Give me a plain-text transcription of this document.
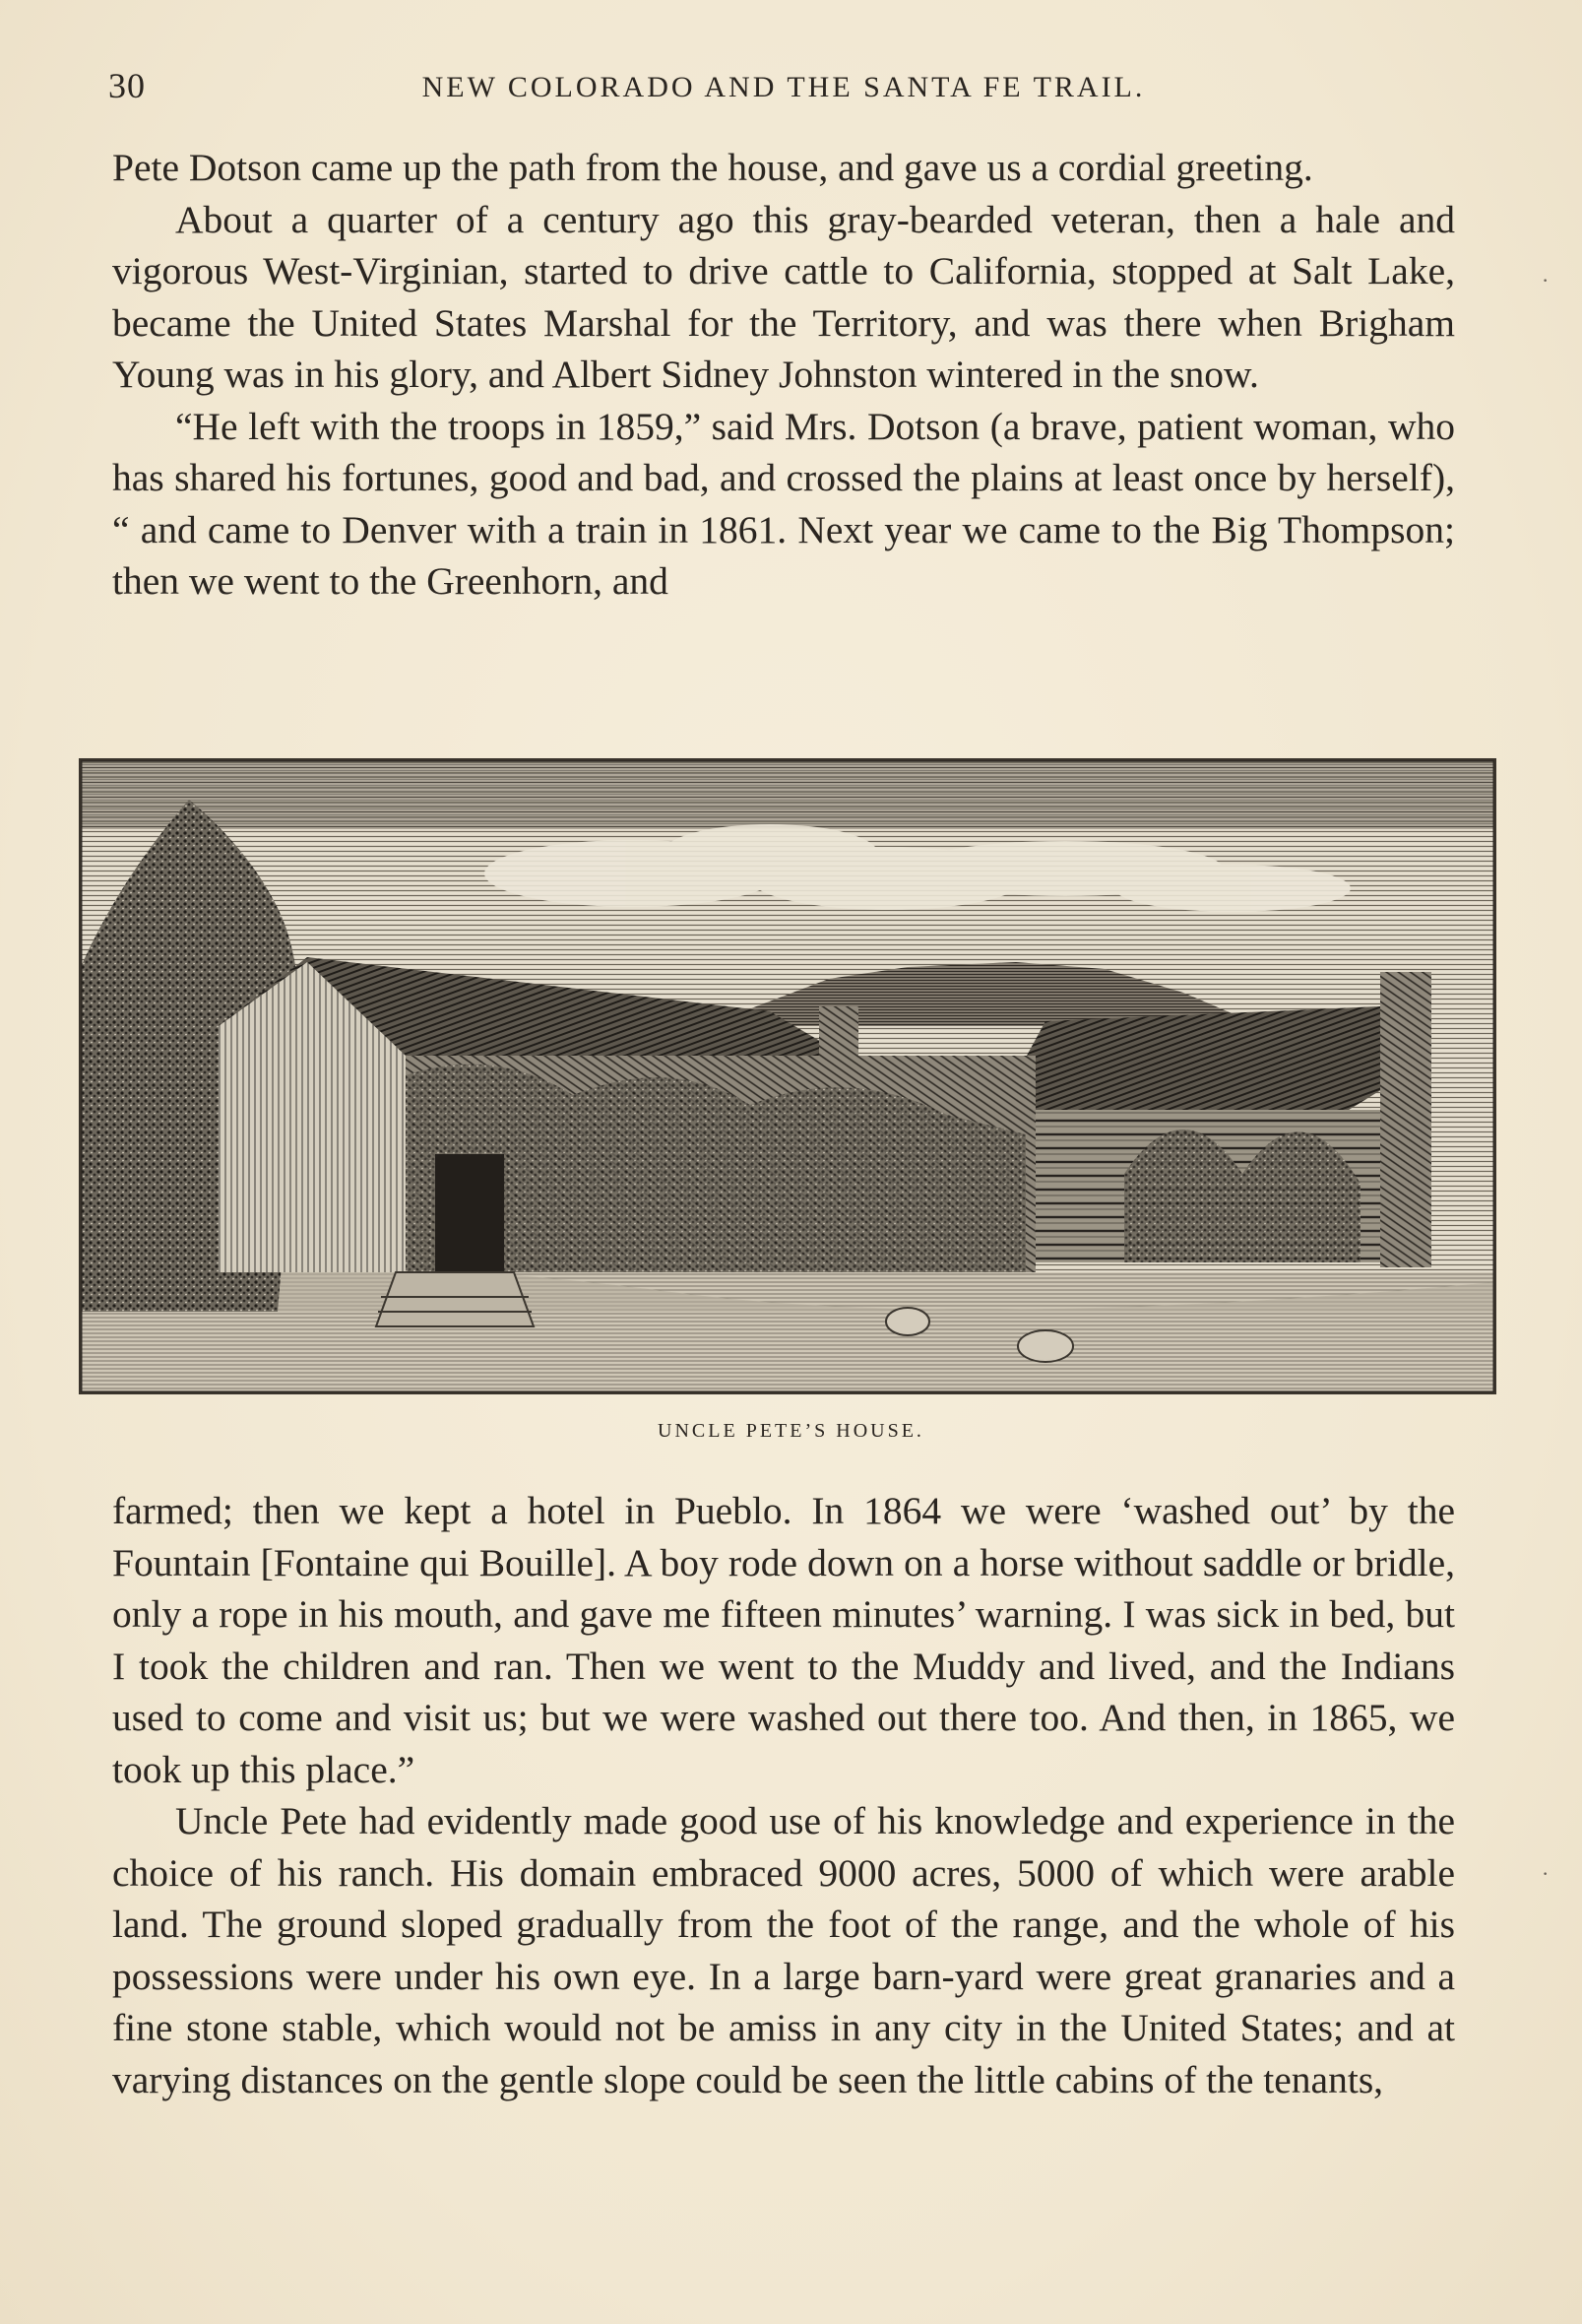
30	NEW COLORADO AND THE SANTA FE TRAIL.

Pete Dotson came up the path from the house, and gave us a cordial greeting.

About a quarter of a century ago this gray-bearded veteran, then a hale and vigorous West-Virginian, started to drive cattle to California, stopped at Salt Lake, became the United States Marshal for the Territory, and was there when Brigham Young was in his glory, and Albert Sidney Johnston wintered in the snow.

“He left with the troops in 1859,” said Mrs. Dotson (a brave, patient woman, who has shared his fortunes, good and bad, and crossed the plains at least once by herself), “ and came to Denver with a train in 1861. Next year we came to the Big Thompson; then we went to the Greenhorn, and

UNCLE PETE’S HOUSE.

farmed; then we kept a hotel in Pueblo. In 1864 we were ‘washed out’ by the Fountain [Fontaine qui Bouille]. A boy rode down on a horse without saddle or bridle, only a rope in his mouth, and gave me fifteen minutes’ warning. I was sick in bed, but I took the children and ran. Then we went to the Muddy and lived, and the Indians used to come and visit us; but we were washed out there too. And then, in 1865, we took up this place.”

Uncle Pete had evidently made good use of his knowledge and experience in the choice of his ranch. His domain embraced 9000 acres, 5000 of which were arable land. The ground sloped gradually from the foot of the range, and the whole of his possessions were under his own eye. In a large barn-yard were great granaries and a fine stone stable, which would not be amiss in any city in the United States; and at varying distances on the gentle slope could be seen the little cabins of the tenants,

·
·
